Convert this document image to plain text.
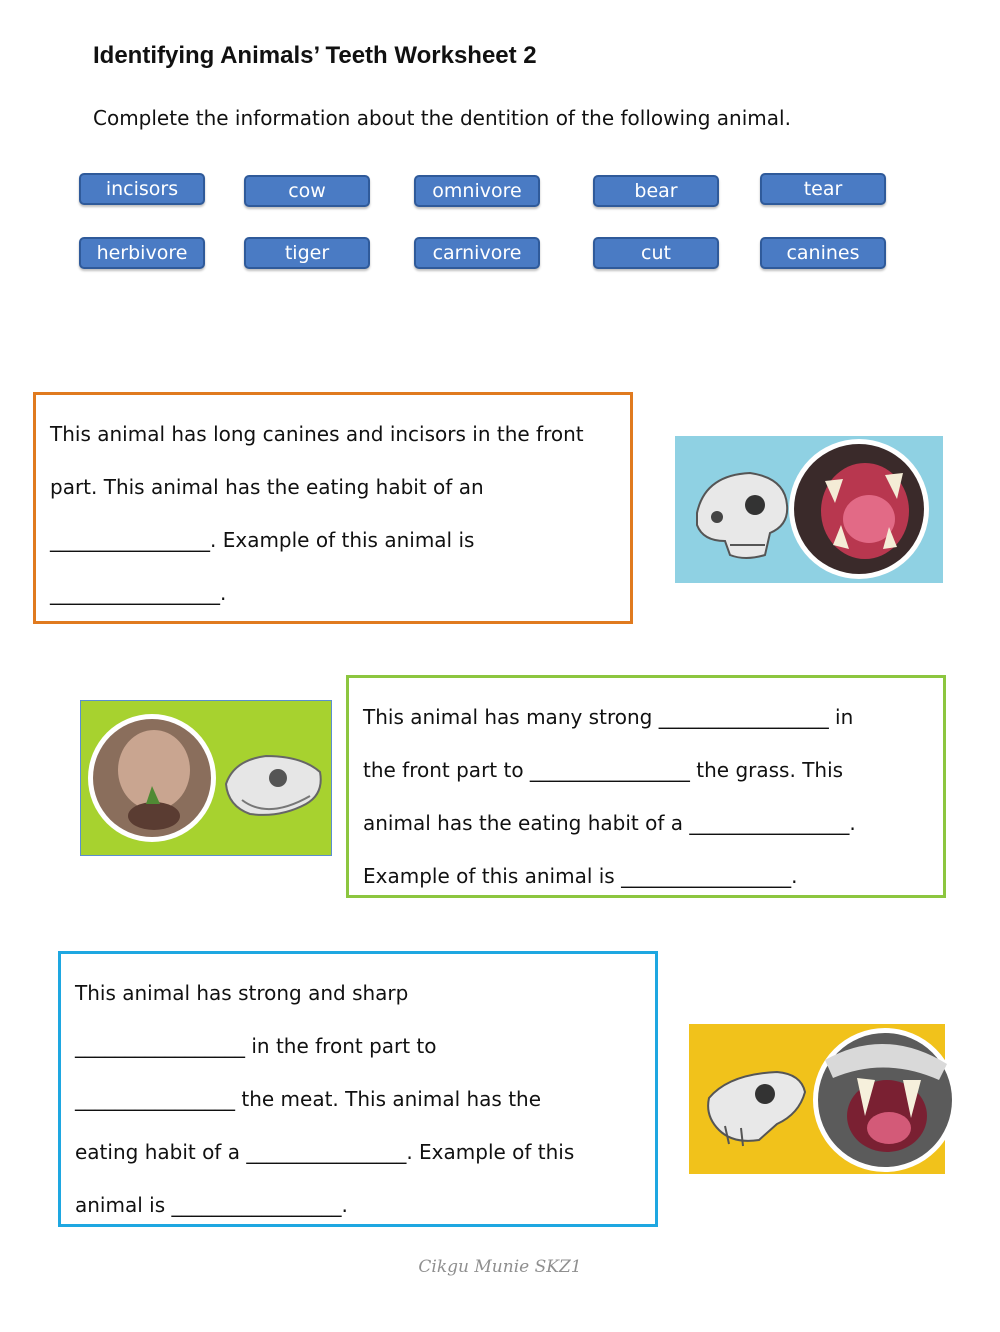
Identifying Animals’ Teeth Worksheet 2
Complete the information about the dentition of the following animal.
incisors	cow	omnivore	bear	tear
herbivore	tiger	carnivore	cut	canines

This animal has long canines and incisors in the front

part. This animal has the eating habit of an

________________. Example of this animal is

_________________.

This animal has many strong _________________ in

the front part to ________________ the grass. This

animal has the eating habit of a ________________.

Example of this animal is _________________.

This animal has strong and sharp

_________________ in the front part to

________________ the meat. This animal has the

eating habit of a ________________. Example of this

animal is _________________.

Cikgu Munie SKZ1
